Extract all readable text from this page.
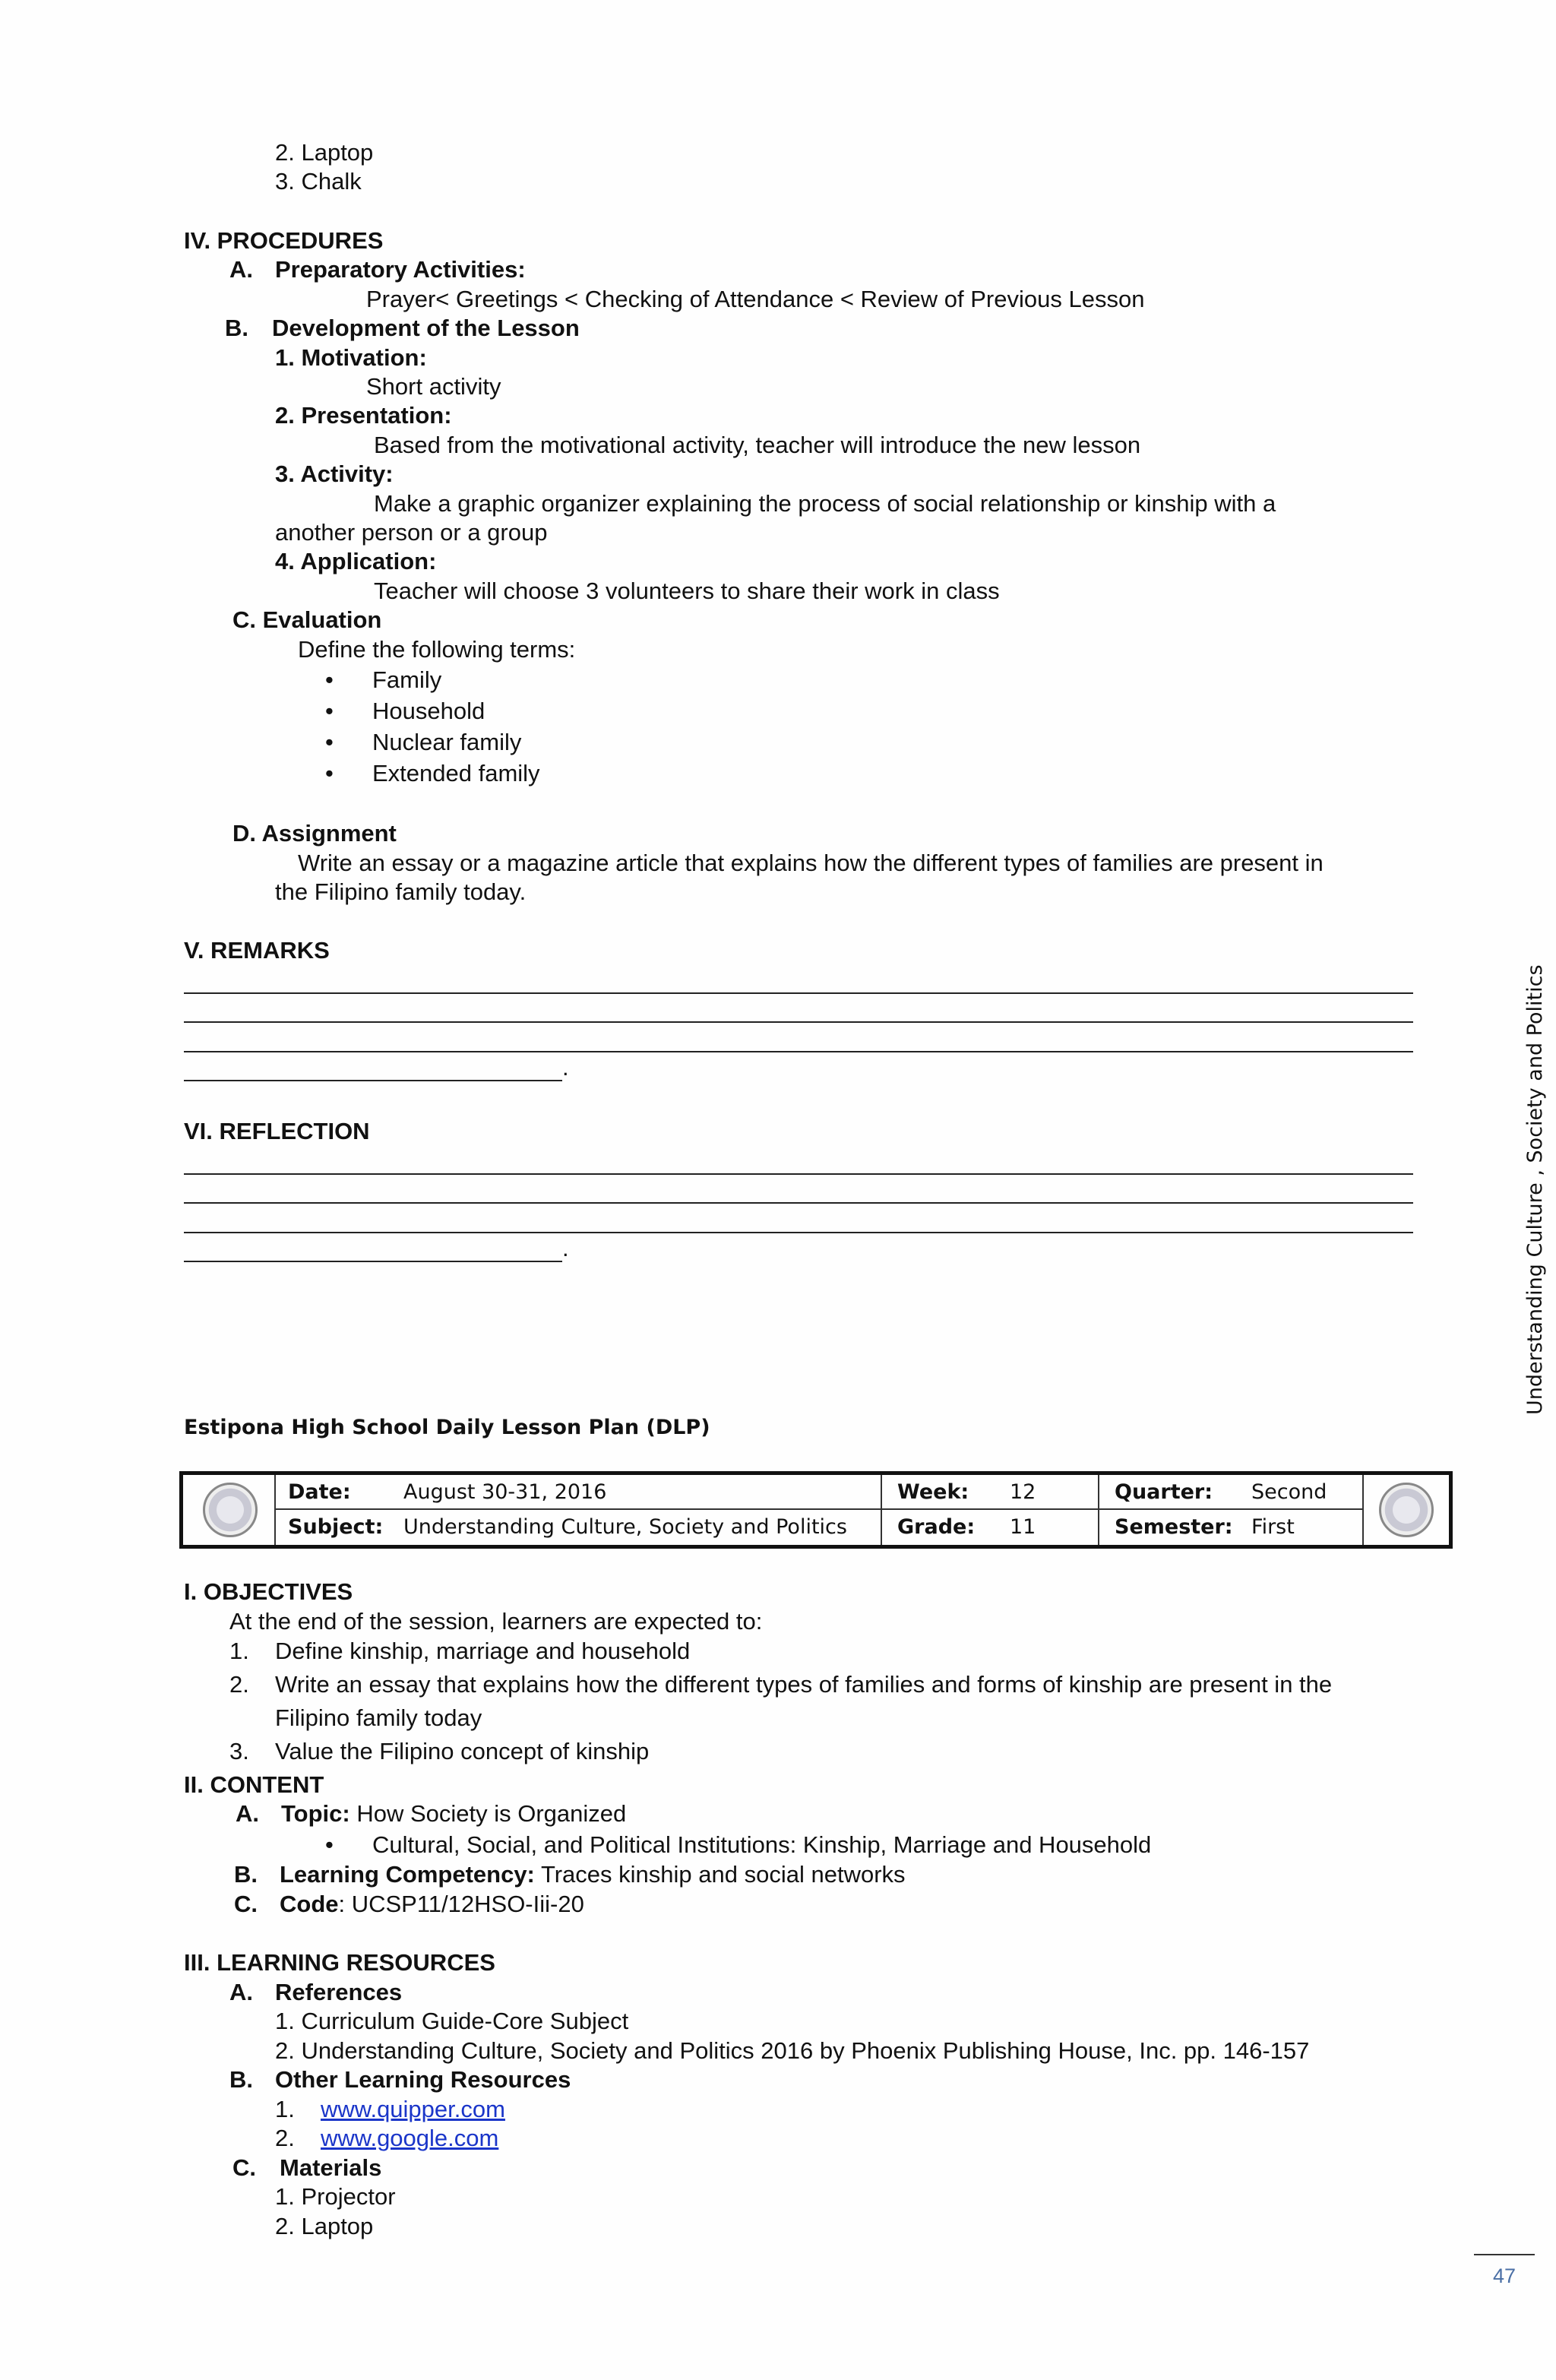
2. Laptop
3. Chalk
IV. PROCEDURES
A. Preparatory Activities:
Prayer< Greetings < Checking of Attendance < Review of Previous Lesson
B. Development of the Lesson
1. Motivation:
Short activity
2. Presentation:
Based from the motivational activity, teacher will introduce the new lesson
3. Activity:
Make a graphic organizer explaining the process of social relationship or kinship with a
another person or a group
4. Application:
Teacher will choose 3 volunteers to share their work in class
C. Evaluation
Define the following terms:
• Family
• Household
• Nuclear family
• Extended family
D. Assignment
Write an essay or a magazine article that explains how the different types of families are present in
the Filipino family today.
V. REMARKS
.
VI. REFLECTION
.
Estipona High School Daily Lesson Plan (DLP)
Date:	August 30-31, 2016	Week: 12	Quarter: Second
Subject: Understanding Culture, Society and Politics Grade: 11	Semester: First
I. OBJECTIVES
At the end of the session, learners are expected to:
1. Define kinship, marriage and household
2. Write an essay that explains how the different types of families and forms of kinship are present in the
Filipino family today
3. Value the Filipino concept of kinship
II. CONTENT
A. Topic: How Society is Organized
• Cultural, Social, and Political Institutions: Kinship, Marriage and Household
B. Learning Competency: Traces kinship and social networks
C. Code: UCSP11/12HSO-Iii-20
III. LEARNING RESOURCES
A. References
1. Curriculum Guide-Core Subject
2. Understanding Culture, Society and Politics 2016 by Phoenix Publishing House, Inc. pp. 146-157
B. Other Learning Resources
1. www.quipper.com
2. www.google.com
C. Materials
1. Projector
2. Laptop
Understanding Culture , Society and Politics
47
